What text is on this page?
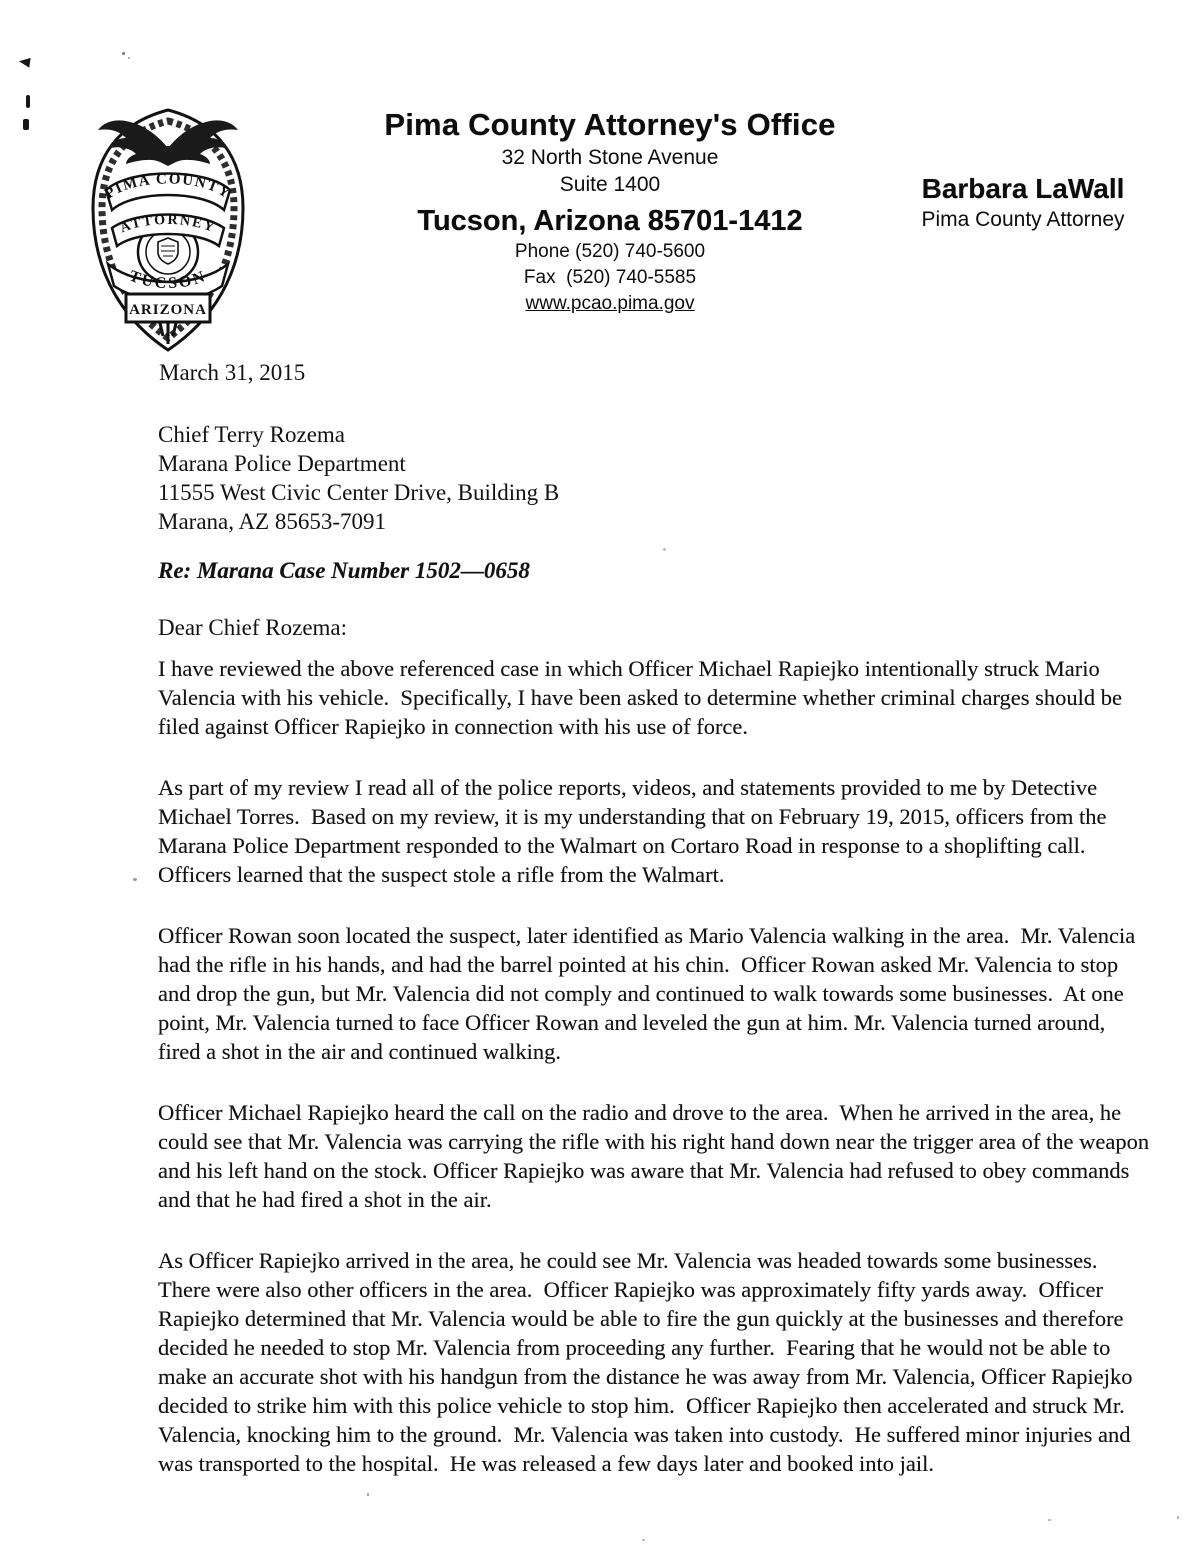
PIMA COUNTY
ATTORNEY
TUCSON
ARIZONA
Pima County Attorney's Office
32 North Stone Avenue
Suite 1400
Tucson, Arizona 85701-1412
Phone (520) 740-5600
Fax  (520) 740-5585
www.pcao.pima.gov
Barbara LaWall
Pima County Attorney
March 31, 2015
Chief Terry Rozema
Marana Police Department
11555 West Civic Center Drive, Building B
Marana, AZ 85653-7091
Re: Marana Case Number 1502—0658
Dear Chief Rozema:

I have reviewed the above referenced case in which Officer Michael Rapiejko intentionally struck Mario Valencia with his vehicle.  Specifically, I have been asked to determine whether criminal charges should be filed against Officer Rapiejko in connection with his use of force.

As part of my review I read all of the police reports, videos, and statements provided to me by Detective Michael Torres.  Based on my review, it is my understanding that on February 19, 2015, officers from the Marana Police Department responded to the Walmart on Cortaro Road in response to a shoplifting call.  Officers learned that the suspect stole a rifle from the Walmart.

Officer Rowan soon located the suspect, later identified as Mario Valencia walking in the area.  Mr. Valencia had the rifle in his hands, and had the barrel pointed at his chin.  Officer Rowan asked Mr. Valencia to stop and drop the gun, but Mr. Valencia did not comply and continued to walk towards some businesses.  At one point, Mr. Valencia turned to face Officer Rowan and leveled the gun at him. Mr. Valencia turned around, fired a shot in the air and continued walking.

Officer Michael Rapiejko heard the call on the radio and drove to the area.  When he arrived in the area, he could see that Mr. Valencia was carrying the rifle with his right hand down near the trigger area of the weapon and his left hand on the stock. Officer Rapiejko was aware that Mr. Valencia had refused to obey commands and that he had fired a shot in the air.

As Officer Rapiejko arrived in the area, he could see Mr. Valencia was headed towards some businesses.  There were also other officers in the area.  Officer Rapiejko was approximately fifty yards away.  Officer Rapiejko determined that Mr. Valencia would be able to fire the gun quickly at the businesses and therefore decided he needed to stop Mr. Valencia from proceeding any further.  Fearing that he would not be able to make an accurate shot with his handgun from the distance he was away from Mr. Valencia, Officer Rapiejko decided to strike him with this police vehicle to stop him.  Officer Rapiejko then accelerated and struck Mr. Valencia, knocking him to the ground.  Mr. Valencia was taken into custody.  He suffered minor injuries and was transported to the hospital.  He was released a few days later and booked into jail.
